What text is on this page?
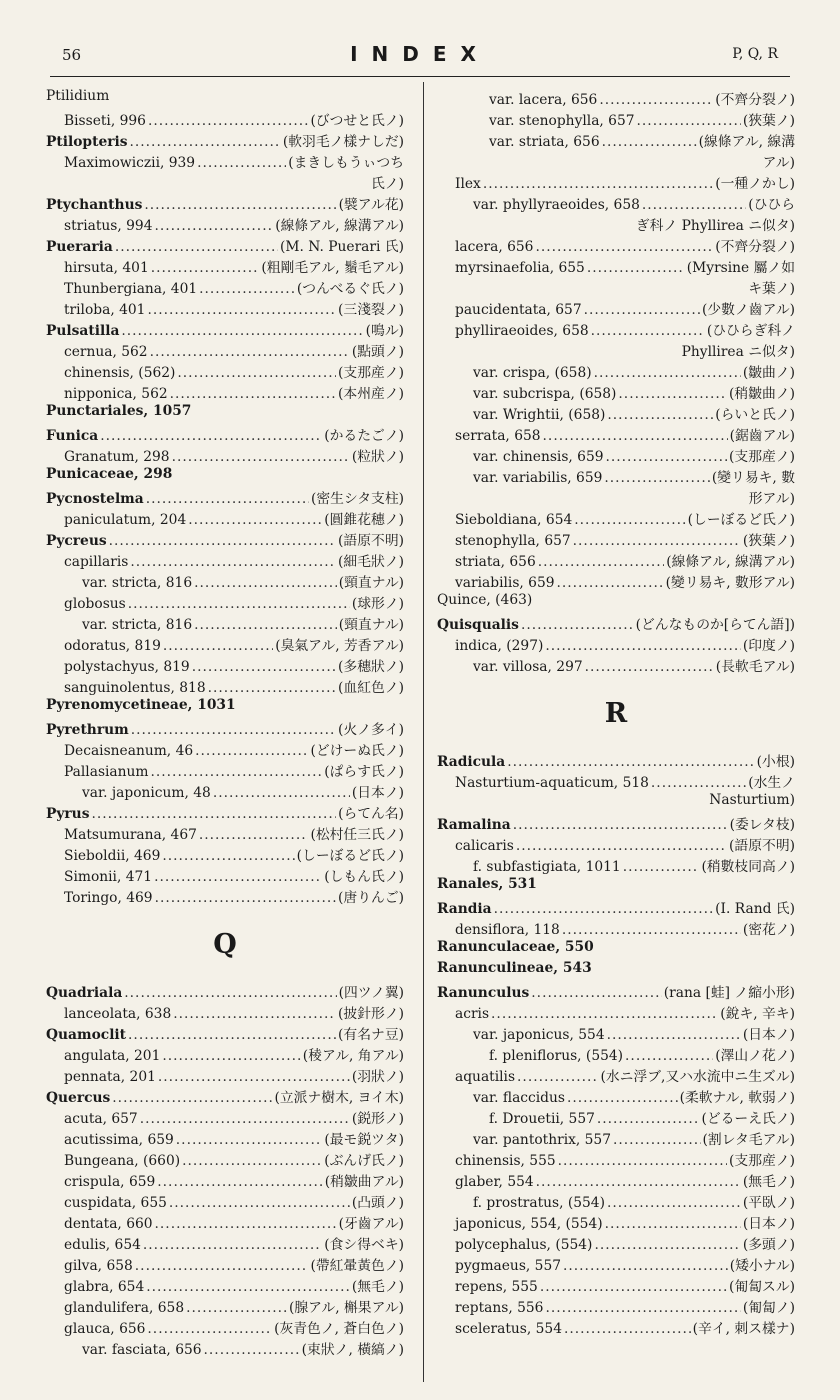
56	INDEX	P, Q, R
Ptilidium
Bisseti, 996 .....	(びつせと氏ノ)
Ptilopteris .....	(軟羽毛ノ樣ナしだ)
Maximowiczii, 939 .....	(まきしもうぃつち
氏ノ)
Ptychanthus .....	(襞アル花)
striatus, 994 .....	(線條アル, 線溝アル)
Pueraria .....	(M. N. Puerari 氏)
hirsuta, 401 .....	(粗剛毛アル, 鬚毛アル)
Thunbergiana, 401 .....	(つんべるぐ氏ノ)
triloba, 401 .....	(三淺裂ノ)
Pulsatilla .....	(鳴ル)
cernua, 562 .....	(點頭ノ)
chinensis, (562) .....	(支那産ノ)
nipponica, 562 .....	(本州産ノ)
Punctariales, 1057
Funica .....	(かるたごノ)
Granatum, 298 .....	(粒狀ノ)
Punicaceae, 298
Pycnostelma .....	(密生シタ支柱)
paniculatum, 204 .....	(圓錐花穗ノ)
Pycreus .....	(語原不明)
capillaris .....	(細毛狀ノ)
var. stricta, 816 .....	(頸直ナル)
globosus .....	(球形ノ)
var. stricta, 816 .....	(頸直ナル)
odoratus, 819 .....	(臭氣アル, 芳香アル)
polystachyus, 819 .....	(多穗狀ノ)
sanguinolentus, 818 .....	(血紅色ノ)
Pyrenomycetineae, 1031
Pyrethrum .....	(火ノ多イ)
Decaisneanum, 46 .....	(どけーぬ氏ノ)
Pallasianum .....	(ぱらす氏ノ)
var. japonicum, 48 .....	(日本ノ)
Pyrus .....	(らてん名)
Matsumurana, 467 .....	(松村任三氏ノ)
Sieboldii, 469 .....	(しーぼるど氏ノ)
Simonii, 471 .....	(しもん氏ノ)
Toringo, 469 .....	(唐りんご)
Q
Quadriala .....	(四ツノ翼)
lanceolata, 638 .....	(披針形ノ)
Quamoclit .....	(有名ナ豆)
angulata, 201 .....	(稜アル, 角アル)
pennata, 201 .....	(羽狀ノ)
Quercus .....	(立派ナ樹木, ヨイ木)
acuta, 657 .....	(鋭形ノ)
acutissima, 659 .....	(最モ鋭ツタ)
Bungeana, (660) .....	(ぶんげ氏ノ)
crispula, 659 .....	(稍皺曲アル)
cuspidata, 655 .....	(凸頭ノ)
dentata, 660 .....	(牙齒アル)
edulis, 654 .....	(食シ得ベキ)
gilva, 658 .....	(帶紅暈黃色ノ)
glabra, 654 .....	(無毛ノ)
glandulifera, 658 .....	(腺アル, 槲果アル)
glauca, 656 .....	(灰青色ノ, 蒼白色ノ)
var. fasciata, 656 .....	(束狀ノ, 橫縞ノ)
var. lacera, 656 .....	(不齊分裂ノ)
var. stenophylla, 657 .....	(狹葉ノ)
var. striata, 656 .....	(線條アル, 線溝
アル)
Ilex .....	(一種ノかし)
var. phyllyraeoides, 658 .....	(ひひら
ぎ科ノ Phyllirea ニ似タ)
lacera, 656 .....	(不齊分裂ノ)
myrsinaefolia, 655 .....	(Myrsine 屬ノ如
キ葉ノ)
paucidentata, 657 .....	(少數ノ齒アル)
phylliraeoides, 658 .....	(ひひらぎ科ノ
Phyllirea ニ似タ)
var. crispa, (658) .....	(皺曲ノ)
var. subcrispa, (658) .....	(稍皺曲ノ)
var. Wrightii, (658) .....	(らいと氏ノ)
serrata, 658 .....	(鋸齒アル)
var. chinensis, 659 .....	(支那産ノ)
var. variabilis, 659 .....	(變リ易キ, 數
形アル)
Sieboldiana, 654 .....	(しーぼるど氏ノ)
stenophylla, 657 .....	(狹葉ノ)
striata, 656 .....	(線條アル, 線溝アル)
variabilis, 659 .....	(變リ易キ, 數形アル)
Quince, (463)
Quisqualis .....	(どんなものか[らてん語])
indica, (297) .....	(印度ノ)
var. villosa, 297 .....	(長軟毛アル)
R
Radicula .....	(小根)
Nasturtium-aquaticum, 518 .....	(水生ノ
Nasturtium)
Ramalina .....	(委レタ枝)
calicaris .....	(語原不明)
f. subfastigiata, 1011 .....	(稍數枝同高ノ)
Ranales, 531
Randia .....	(I. Rand 氏)
densiflora, 118 .....	(密花ノ)
Ranunculaceae, 550
Ranunculineae, 543
Ranunculus .....	(rana [蛙] ノ縮小形)
acris .....	(銳キ, 辛キ)
var. japonicus, 554 .....	(日本ノ)
f. pleniflorus, (554) .....	(澤山ノ花ノ)
aquatilis .....	(水ニ浮ブ,又ハ水流中ニ生ズル)
var. flaccidus .....	(柔軟ナル, 軟弱ノ)
f. Drouetii, 557 .....	(どるーえ氏ノ)
var. pantothrix, 557 .....	(割レタ毛アル)
chinensis, 555 .....	(支那産ノ)
glaber, 554 .....	(無毛ノ)
f. prostratus, (554) .....	(平臥ノ)
japonicus, 554, (554) .....	(日本ノ)
polycephalus, (554) .....	(多頭ノ)
pygmaeus, 557 .....	(矮小ナル)
repens, 555 .....	(匍匐スル)
reptans, 556 .....	(匍匐ノ)
sceleratus, 554 .....	(辛イ, 刺ス樣ナ)
